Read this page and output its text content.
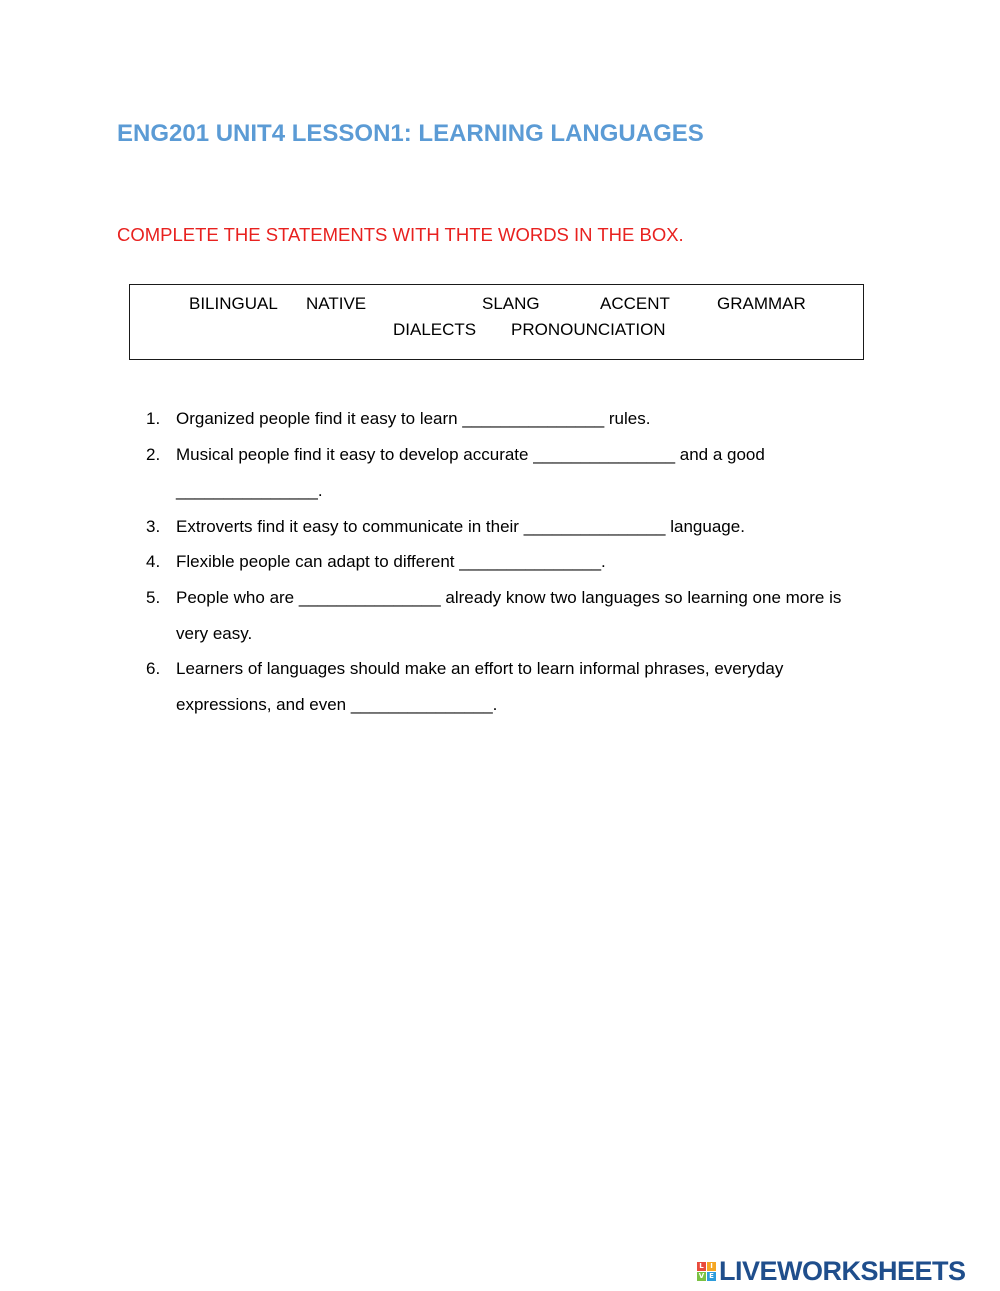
ENG201 UNIT4 LESSON1: LEARNING LANGUAGES
COMPLETE THE STATEMENTS WITH THTE WORDS IN THE BOX.
BILINGUAL NATIVE	SLANG	ACCENT	GRAMMAR
DIALECTS PRONOUNCIATION
1. Organized people find it easy to learn _______________ rules.
2. Musical people find it easy to develop accurate _______________ and a good
_______________.
3. Extroverts find it easy to communicate in their _______________ language.
4. Flexible people can adapt to different _______________.
5. People who are _______________ already know two languages so learning one more is
very easy.
6. Learners of languages should make an effort to learn informal phrases, everyday
expressions, and even _______________.
L I
V E LIVEWORKSHEETS
